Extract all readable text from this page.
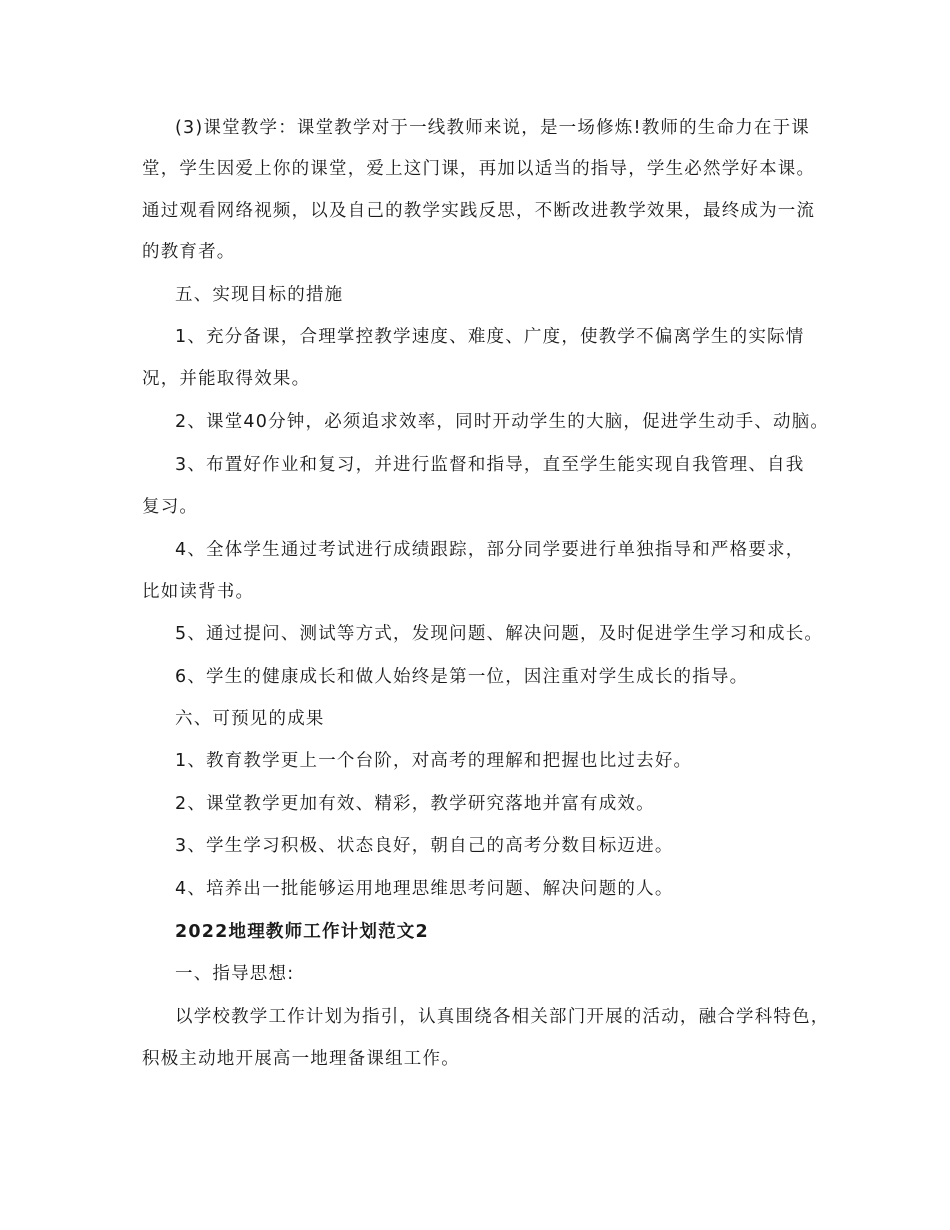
(3)课堂教学：课堂教学对于一线教师来说，是一场修炼!教师的生命力在于课
堂，学生因爱上你的课堂，爱上这门课，再加以适当的指导，学生必然学好本课。
通过观看网络视频，以及自己的教学实践反思，不断改进教学效果，最终成为一流
的教育者。
五、实现目标的措施
1、充分备课，合理掌控教学速度、难度、广度，使教学不偏离学生的实际情
况，并能取得效果。
2、课堂40分钟，必须追求效率，同时开动学生的大脑，促进学生动手、动脑。
3、布置好作业和复习，并进行监督和指导，直至学生能实现自我管理、自我
复习。
4、全体学生通过考试进行成绩跟踪，部分同学要进行单独指导和严格要求，
比如读背书。
5、通过提问、测试等方式，发现问题、解决问题，及时促进学生学习和成长。
6、学生的健康成长和做人始终是第一位，因注重对学生成长的指导。
六、可预见的成果
1、教育教学更上一个台阶，对高考的理解和把握也比过去好。
2、课堂教学更加有效、精彩，教学研究落地并富有成效。
3、学生学习积极、状态良好，朝自己的高考分数目标迈进。
4、培养出一批能够运用地理思维思考问题、解决问题的人。
2022地理教师工作计划范文2
一、指导思想:
以学校教学工作计划为指引，认真围绕各相关部门开展的活动，融合学科特色，
积极主动地开展高一地理备课组工作。
